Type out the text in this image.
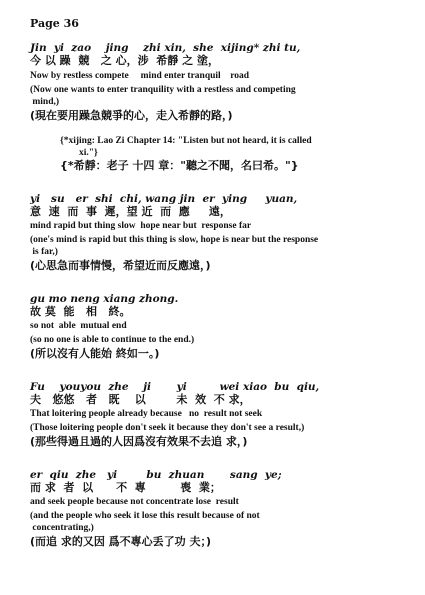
Page 36
Jin  yi  zao    jing    zhi xin,  she  xijing* zhi tu,
今 以 躁  競   之 心，涉  希靜 之 塗，
Now by restless compete     mind enter tranquil    road
(Now one wants to enter tranquility with a restless and competing
mind,)
(現在要用躁急競爭的心，走入希靜的路，)
{*xijing: Lao Zi Chapter 14: "Listen but not heard, it is called
xi."}
{*希靜：老子 十四 章："聽之不聞，名曰希。"}
yi   su   er  shi  chi, wang jin  er  ying     yuan,
意  速  而  事  遲，望 近  而  應     遠，
mind rapid but thing slow  hope near but  response far
(one's mind is rapid but this thing is slow, hope is near but the response
is far,)
(心思急而事情慢，希望近而反應遠，)
gu mo neng xiang zhong.
故 莫  能   相   終。
so not  able  mutual end
(so no one is able to continue to the end.)
(所以沒有人能始 終如一。)
Fu    youyou  zhe    ji       yi         wei xiao  bu  qiu,
夫   悠悠   者   既    以        未  效  不 求，
That loitering people already because   no  result not seek
(Those loitering people don't seek it because they don't see a result,)
(那些得過且過的人因爲沒有效果不去追 求，)
er  qiu  zhe   yi        bu  zhuan       sang  ye;
而 求  者  以      不  專         喪  業；
and seek people because not concentrate lose  result
(and the people who seek it lose this result because of not
concentrating,)
(而追 求的又因 爲不專心丢了功 夫；)
